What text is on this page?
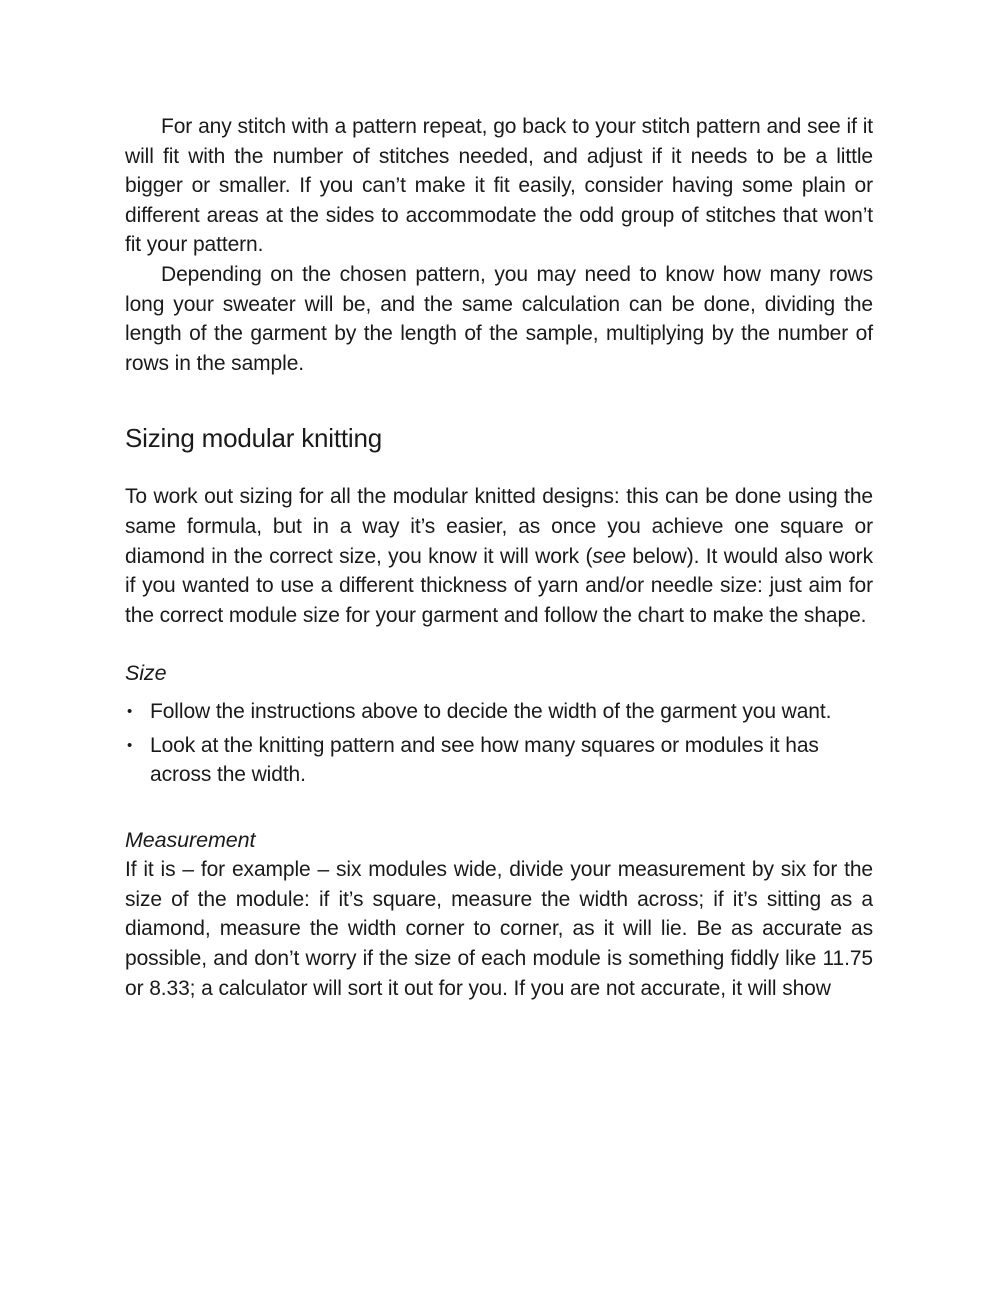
For any stitch with a pattern repeat, go back to your stitch pattern and see if it will fit with the number of stitches needed, and adjust if it needs to be a little bigger or smaller. If you can’t make it fit easily, consider having some plain or different areas at the sides to accommodate the odd group of stitches that won’t fit your pattern.

Depending on the chosen pattern, you may need to know how many rows long your sweater will be, and the same calculation can be done, dividing the length of the garment by the length of the sample, multiplying by the number of rows in the sample.

Sizing modular knitting

To work out sizing for all the modular knitted designs: this can be done using the same formula, but in a way it’s easier, as once you achieve one square or diamond in the correct size, you know it will work (see below). It would also work if you wanted to use a different thickness of yarn and/or needle size: just aim for the correct module size for your garment and follow the chart to make the shape.

Size
• Follow the instructions above to decide the width of the garment you want.
• Look at the knitting pattern and see how many squares or modules it has across the width.
Measurement

If it is – for example – six modules wide, divide your measurement by six for the size of the module: if it’s square, measure the width across; if it’s sitting as a diamond, measure the width corner to corner, as it will lie. Be as accurate as possible, and don’t worry if the size of each module is something fiddly like 11.75 or 8.33; a calculator will sort it out for you. If you are not accurate, it will show
